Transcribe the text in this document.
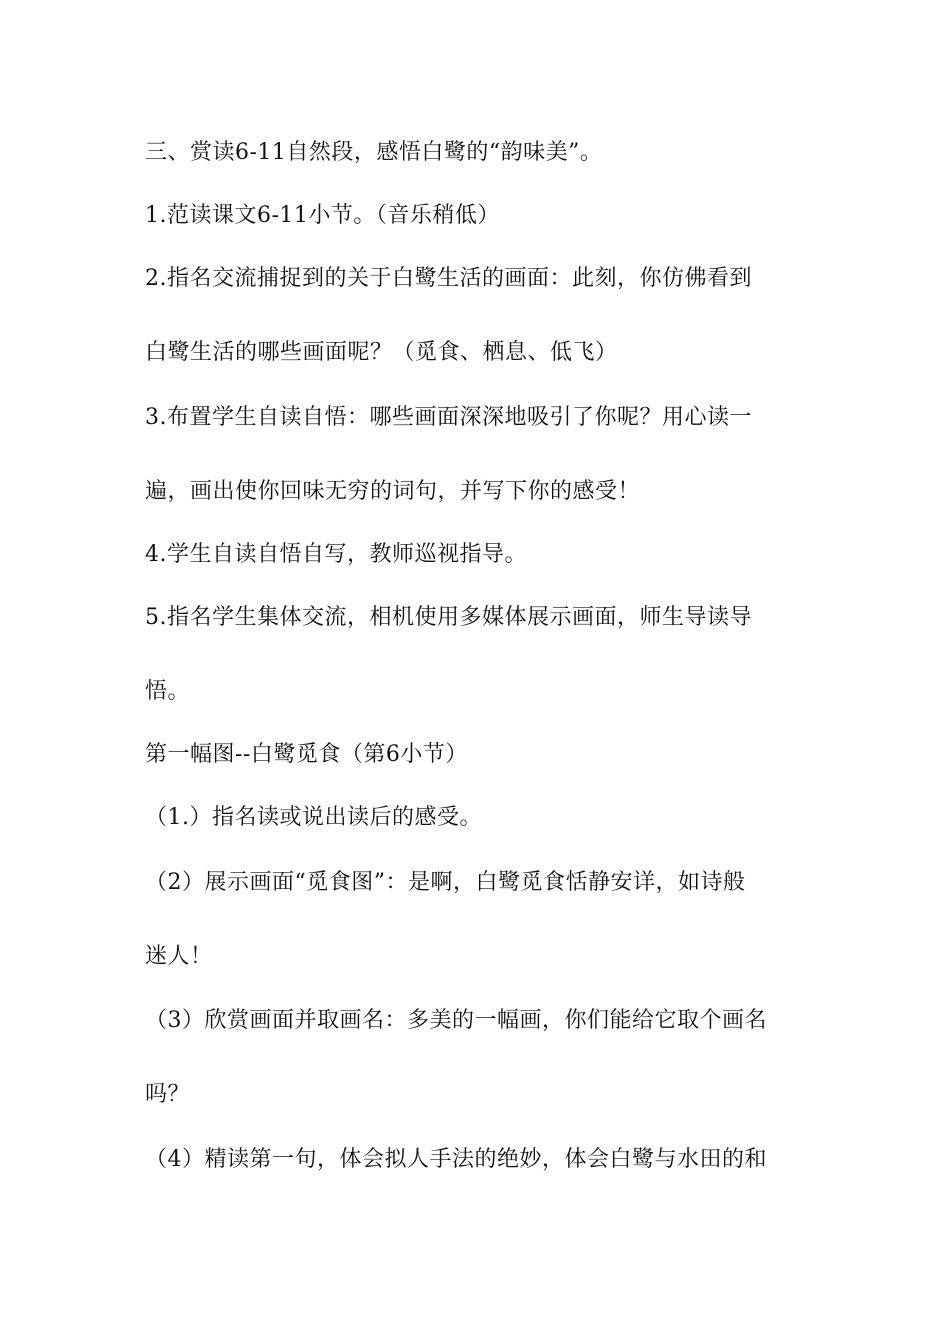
三、赏读6-11自然段，感悟白鹭的“韵味美”。
1.范读课文6-11小节。（音乐稍低）
2.指名交流捕捉到的关于白鹭生活的画面：此刻，你仿佛看到
白鹭生活的哪些画面呢？（觅食、栖息、低飞）
3.布置学生自读自悟：哪些画面深深地吸引了你呢？用心读一
遍，画出使你回味无穷的词句，并写下你的感受！
4.学生自读自悟自写，教师巡视指导。
5.指名学生集体交流，相机使用多媒体展示画面，师生导读导
悟。
第一幅图--白鹭觅食（第6小节）
（1.）指名读或说出读后的感受。
（2）展示画面“觅食图”：是啊，白鹭觅食恬静安详，如诗般
迷人！
（3）欣赏画面并取画名：多美的一幅画，你们能给它取个画名
吗？
（4）精读第一句，体会拟人手法的绝妙，体会白鹭与水田的和
